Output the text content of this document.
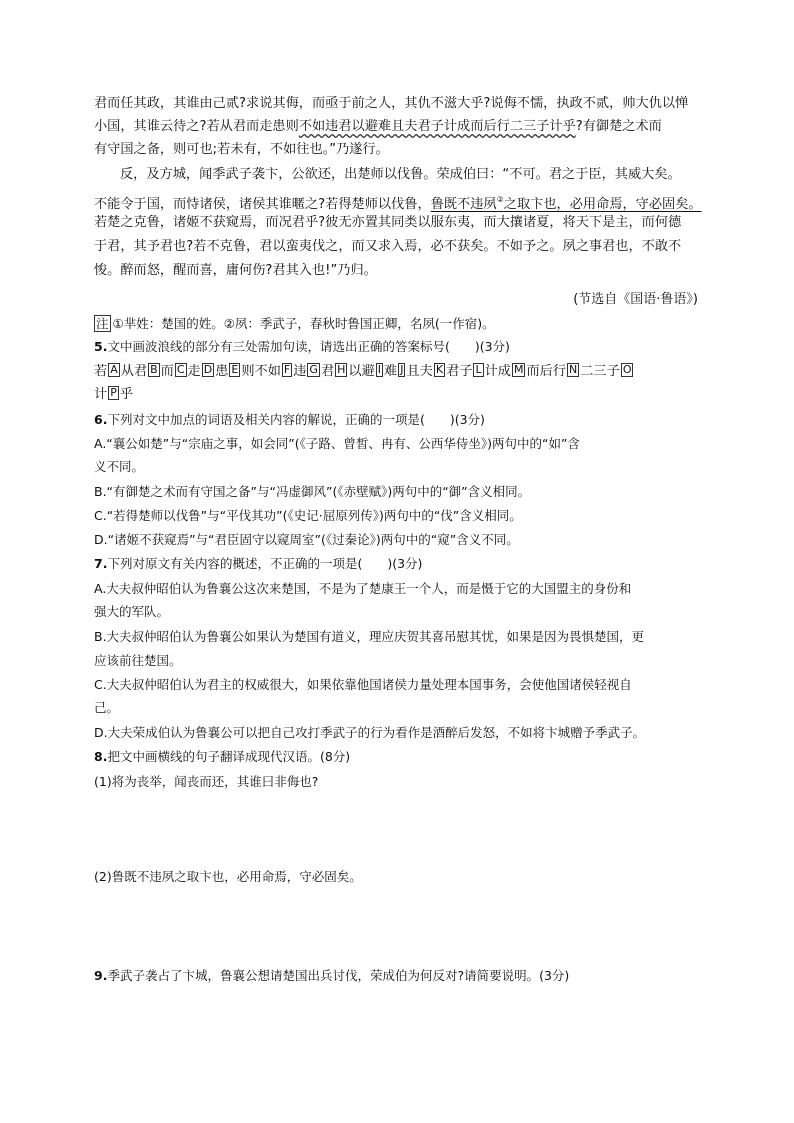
君而任其政，其谁由己贰?求说其侮，而亟于前之人，其仇不滋大乎?说侮不懦，执政不贰，帅大仇以惮
小国，其谁云待之?若从君而走患则不如违君以避难且夫君子计成而后行二三子计乎?有御楚之术而
有守国之备，则可也;若未有，不如往也。”乃遂行。
反，及方城，闻季武子袭卞，公欲还，出楚师以伐鲁。荣成伯曰：“不可。君之于臣，其威大矣。
不能令于国，而恃诸侯，诸侯其谁暱之?若得楚师以伐鲁，鲁既不违夙②之取卞也，必用命焉，守必固矣。
若楚之克鲁，诸姬不获窥焉，而况君乎?彼无亦置其同类以服东夷，而大攘诸夏，将天下是主，而何德
于君，其予君也?若不克鲁，君以蛮夷伐之，而又求入焉，必不获矣。不如予之。夙之事君也，不敢不
悛。醉而怒，醒而喜，庸何伤?君其入也!”乃归。
(节选自《国语·鲁语》)
注 ①芈姓：楚国的姓。②夙：季武子，春秋时鲁国正卿，名夙(一作宿)。
5.文中画波浪线的部分有三处需加句读，请选出正确的答案标号(　　)(3分)
若 A 从君 B 而 C 走 D 患 E 则不如 F 违 G 君 H 以避 I 难 J 且夫 K 君子 L 计成 M 而后行 N 二三子 O
计 P 乎
6.下列对文中加点的词语及相关内容的解说，正确的一项是(　　)(3分)
A.“襄公如楚”与“宗庙之事，如会同”(《子路、曾皙、冉有、公西华侍坐》)两句中的“如”含
义不同。
B.“有御楚之术而有守国之备”与“冯虚御风”(《赤壁赋》)两句中的“御”含义相同。
C.“若得楚师以伐鲁”与“平伐其功”(《史记·屈原列传》)两句中的“伐”含义相同。
D.“诸姬不获窥焉”与“君臣固守以窥周室”(《过秦论》)两句中的“窥”含义不同。
7.下列对原文有关内容的概述，不正确的一项是(　　)(3分)
A.大夫叔仲昭伯认为鲁襄公这次来楚国，不是为了楚康王一个人，而是慑于它的大国盟主的身份和
强大的军队。
B.大夫叔仲昭伯认为鲁襄公如果认为楚国有道义，理应庆贺其喜吊慰其忧，如果是因为畏惧楚国，更
应该前往楚国。
C.大夫叔仲昭伯认为君主的权威很大，如果依靠他国诸侯力量处理本国事务，会使他国诸侯轻视自
己。
D.大夫荣成伯认为鲁襄公可以把自己攻打季武子的行为看作是酒醉后发怒，不如将卞城赠予季武子。
8.把文中画横线的句子翻译成现代汉语。(8分)
(1)将为丧举，闻丧而还，其谁曰非侮也?
(2)鲁既不违夙之取卞也，必用命焉，守必固矣。
9.季武子袭占了卞城，鲁襄公想请楚国出兵讨伐，荣成伯为何反对?请简要说明。(3分)
